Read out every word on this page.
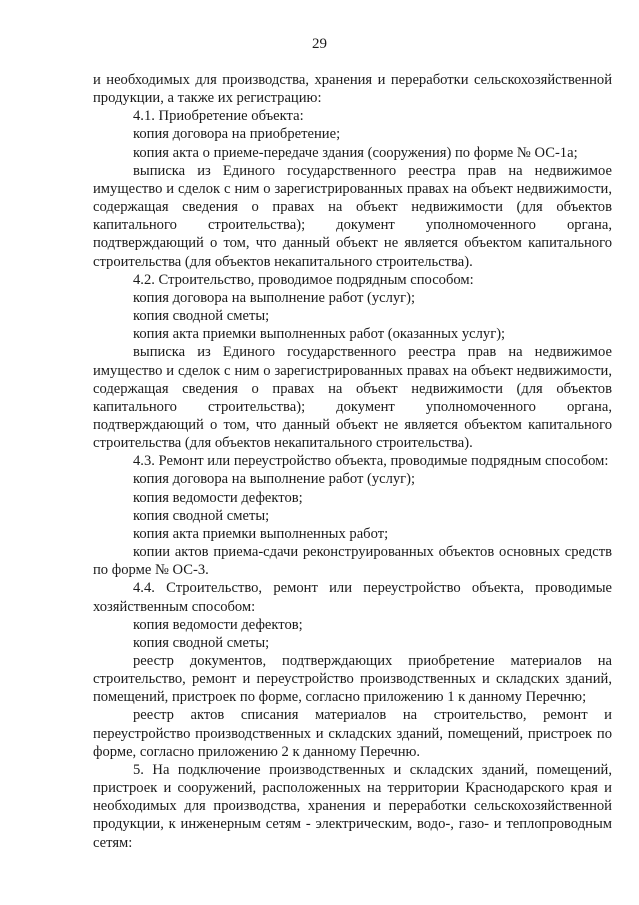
29

и необходимых для производства, хранения и переработки сельскохозяйственной продукции, а также их регистрацию:

4.1. Приобретение объекта:

копия договора на приобретение;

копия акта о приеме-передаче здания (сооружения) по форме № ОС-1а;

выписка из Единого государственного реестра прав на недвижимое имущество и сделок с ним о зарегистрированных правах на объект недвижимости, содержащая сведения о правах на объект недвижимости (для объектов капитального строительства); документ уполномоченного органа, подтверждающий о том, что данный объект не является объектом капитального строительства (для объектов некапитального строительства).

4.2. Строительство, проводимое подрядным способом:

копия договора на выполнение работ (услуг);

копия сводной сметы;

копия акта приемки выполненных работ (оказанных услуг);

выписка из Единого государственного реестра прав на недвижимое имущество и сделок с ним о зарегистрированных правах на объект недвижимости, содержащая сведения о правах на объект недвижимости (для объектов капитального строительства); документ уполномоченного органа, подтверждающий о том, что данный объект не является объектом капитального строительства (для объектов некапитального строительства).

4.3. Ремонт или переустройство объекта, проводимые подрядным способом:

копия договора на выполнение работ (услуг);

копия ведомости дефектов;

копия сводной сметы;

копия акта приемки выполненных работ;

копии актов приема-сдачи реконструированных объектов основных средств по форме № ОС-3.

4.4. Строительство, ремонт или переустройство объекта, проводимые хозяйственным способом:

копия ведомости дефектов;

копия сводной сметы;

реестр документов, подтверждающих приобретение материалов на строительство, ремонт и переустройство производственных и складских зданий, помещений, пристроек по форме, согласно приложению 1 к данному Перечню;

реестр актов списания материалов на строительство, ремонт и переустройство производственных и складских зданий, помещений, пристроек по форме, согласно приложению 2 к данному Перечню.

5. На подключение производственных и складских зданий, помещений, пристроек и сооружений, расположенных на территории Краснодарского края и необходимых для производства, хранения и переработки сельскохозяйственной продукции, к инженерным сетям - электрическим, водо-, газо- и теплопроводным сетям:
